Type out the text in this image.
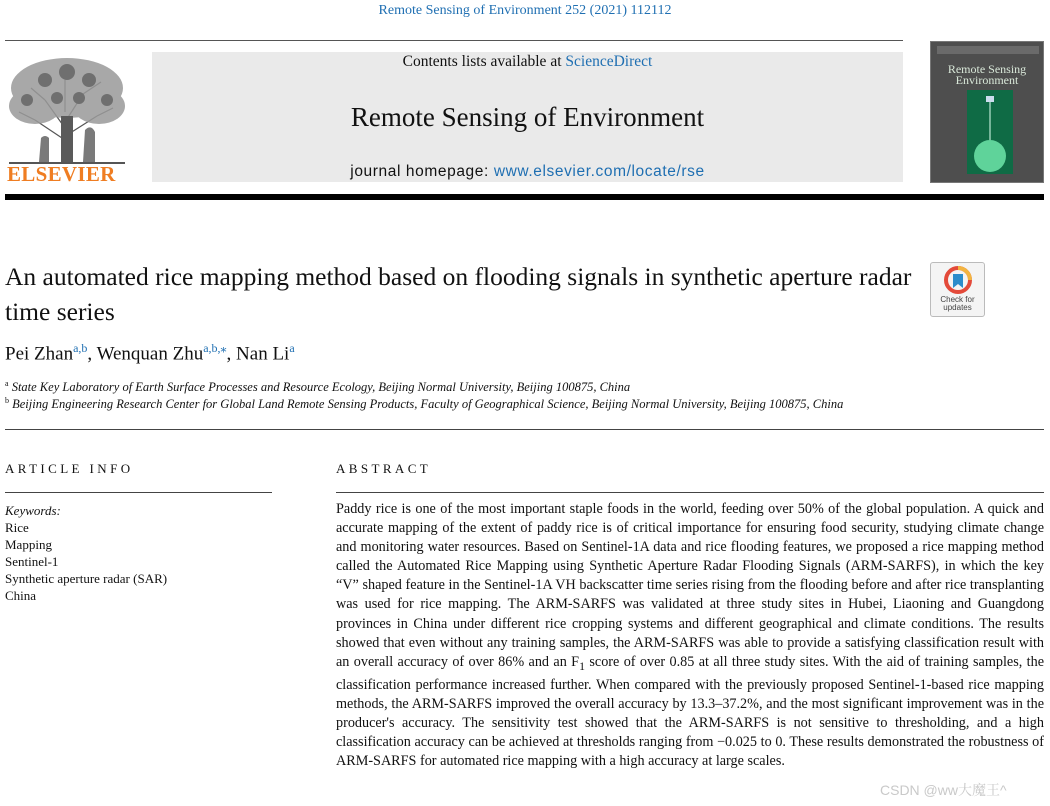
Remote Sensing of Environment 252 (2021) 112112
ELSEVIER
Contents lists available at ScienceDirect
Remote Sensing of Environment
journal homepage: www.elsevier.com/locate/rse
Remote Sensing
Environment
An automated rice mapping method based on flooding signals in synthetic aperture radar time series	Check for
updates
Pei Zhan$^{a,b}$, Wenquan Zhu$^{a,b,⁎}$, Nan Li$^a$
$^a$ State Key Laboratory of Earth Surface Processes and Resource Ecology, Beijing Normal University, Beijing 100875, China
$^b$ Beijing Engineering Research Center for Global Land Remote Sensing Products, Faculty of Geographical Science, Beijing Normal University, Beijing 100875, China
ARTICLE INFO
Keywords:
Rice
Mapping
Sentinel-1
Synthetic aperture radar (SAR)
China
ABSTRACT
Paddy rice is one of the most important staple foods in the world, feeding over 50% of the global population. A quick and accurate mapping of the extent of paddy rice is of critical importance for ensuring food security, studying climate change and monitoring water resources. Based on Sentinel-1A data and rice flooding features, we proposed a rice mapping method called the Automated Rice Mapping using Synthetic Aperture Radar Flooding Signals (ARM-SARFS), in which the key “V” shaped feature in the Sentinel-1A VH backscatter time series rising from the flooding before and after rice transplanting was used for rice mapping. The ARM-SARFS was validated at three study sites in Hubei, Liaoning and Guangdong provinces in China under different rice cropping systems and different geographical and climate conditions. The results showed that even without any training samples, the ARM-SARFS was able to provide a satisfying classification result with an overall accuracy of over 86% and an $F_1$ score of over 0.85 at all three study sites. With the aid of training samples, the classification performance increased further. When compared with the previously proposed Sentinel-1-based rice mapping methods, the ARM-SARFS improved the overall accuracy by 13.3–37.2%, and the most significant improvement was in the producer's accuracy. The sensitivity test showed that the ARM-SARFS is not sensitive to thresholding, and a high classification accuracy can be achieved at thresholds ranging from −0.025 to 0. These results demonstrated the robustness of ARM-SARFS for automated rice mapping with a high accuracy at large scales.
CSDN @ww大魔王^
